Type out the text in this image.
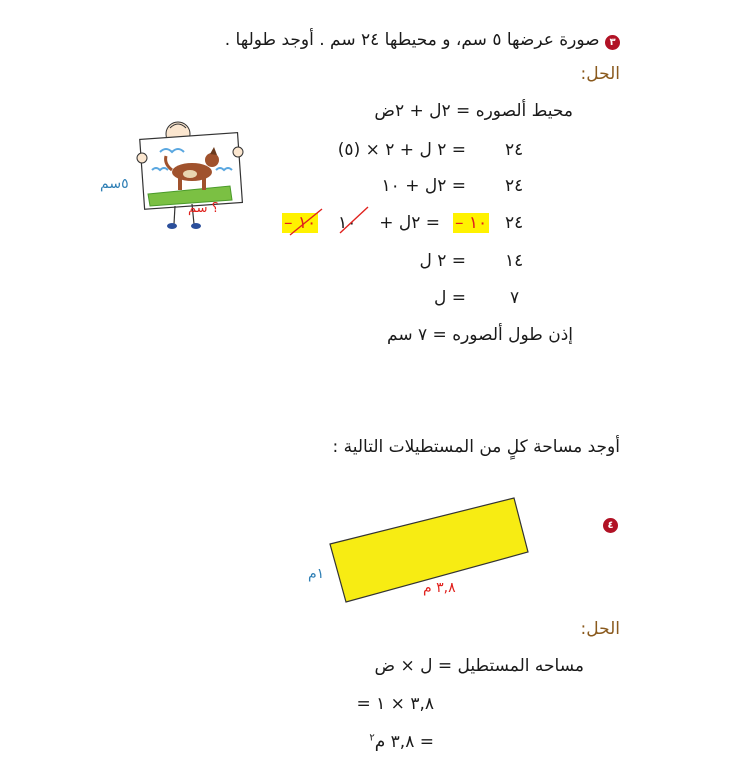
٣ صورة عرضها ٥ سم، و محيطها ٢٤ سم . أوجد طولها .
الحل:
محيط ألصوره = ٢ل + ٢ض
٢٤
= ٢ ل + ٢ × (٥)
٢٤
= ٢ل + ١٠
٢٤
– ١٠
= ٢ل +
١٠
– ١٠
١٤
= ٢ ل
٧
= ل
إذن طول ألصوره = ٧ سم
٥سم
؟ سم
أوجد مساحة كلٍ من المستطيلات التالية :
٤
١م
٣,٨ م
الحل:
مساحه المستطيل = ل × ض
= ٣,٨ × ١
= ٣,٨ م$^٢$
